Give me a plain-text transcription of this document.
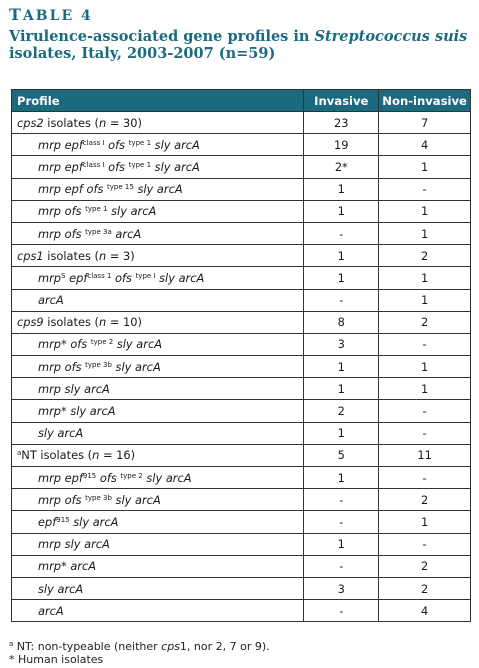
TABLE 4
Virulence-associated gene profiles in Streptococcus suis isolates, Italy, 2003-2007 (n=59)
Profile	Invasive	Non-invasive
cps2 isolates (n = 30)	23	7
mrp epf$^{class I}$ ofs $^{type 1}$ sly arcA	19	4
mrp epf$^{class I}$ ofs $^{type 1}$ sly arcA	2*	1
mrp epf ofs $^{type 15}$ sly arcA	1	-
mrp ofs $^{type 1}$ sly arcA	1	1
mrp ofs $^{type 3a}$ arcA	-	1
cps1 isolates (n = 3)	1	2
mrp$^S$ epf$^{class 1}$ ofs $^{type I}$ sly arcA	1	1
arcA	-	1
cps9 isolates (n = 10)	8	2
mrp* ofs $^{type 2}$ sly arcA	3	-
mrp ofs $^{type 3b}$ sly arcA	1	1
mrp sly arcA	1	1
mrp* sly arcA	2	-
sly arcA	1	-
$^a$NT isolates (n = 16)	5	11
mrp epf$^{915}$ ofs $^{type 2}$ sly arcA	1	-
mrp ofs $^{type 3b}$ sly arcA	-	2
epf$^{915}$ sly arcA	-	1
mrp sly arcA	1	-
mrp* arcA	-	2
sly arcA	3	2
arcA	-	4

$^a$ NT: non-typeable (neither cps1, nor 2, 7 or 9).

* Human isolates
